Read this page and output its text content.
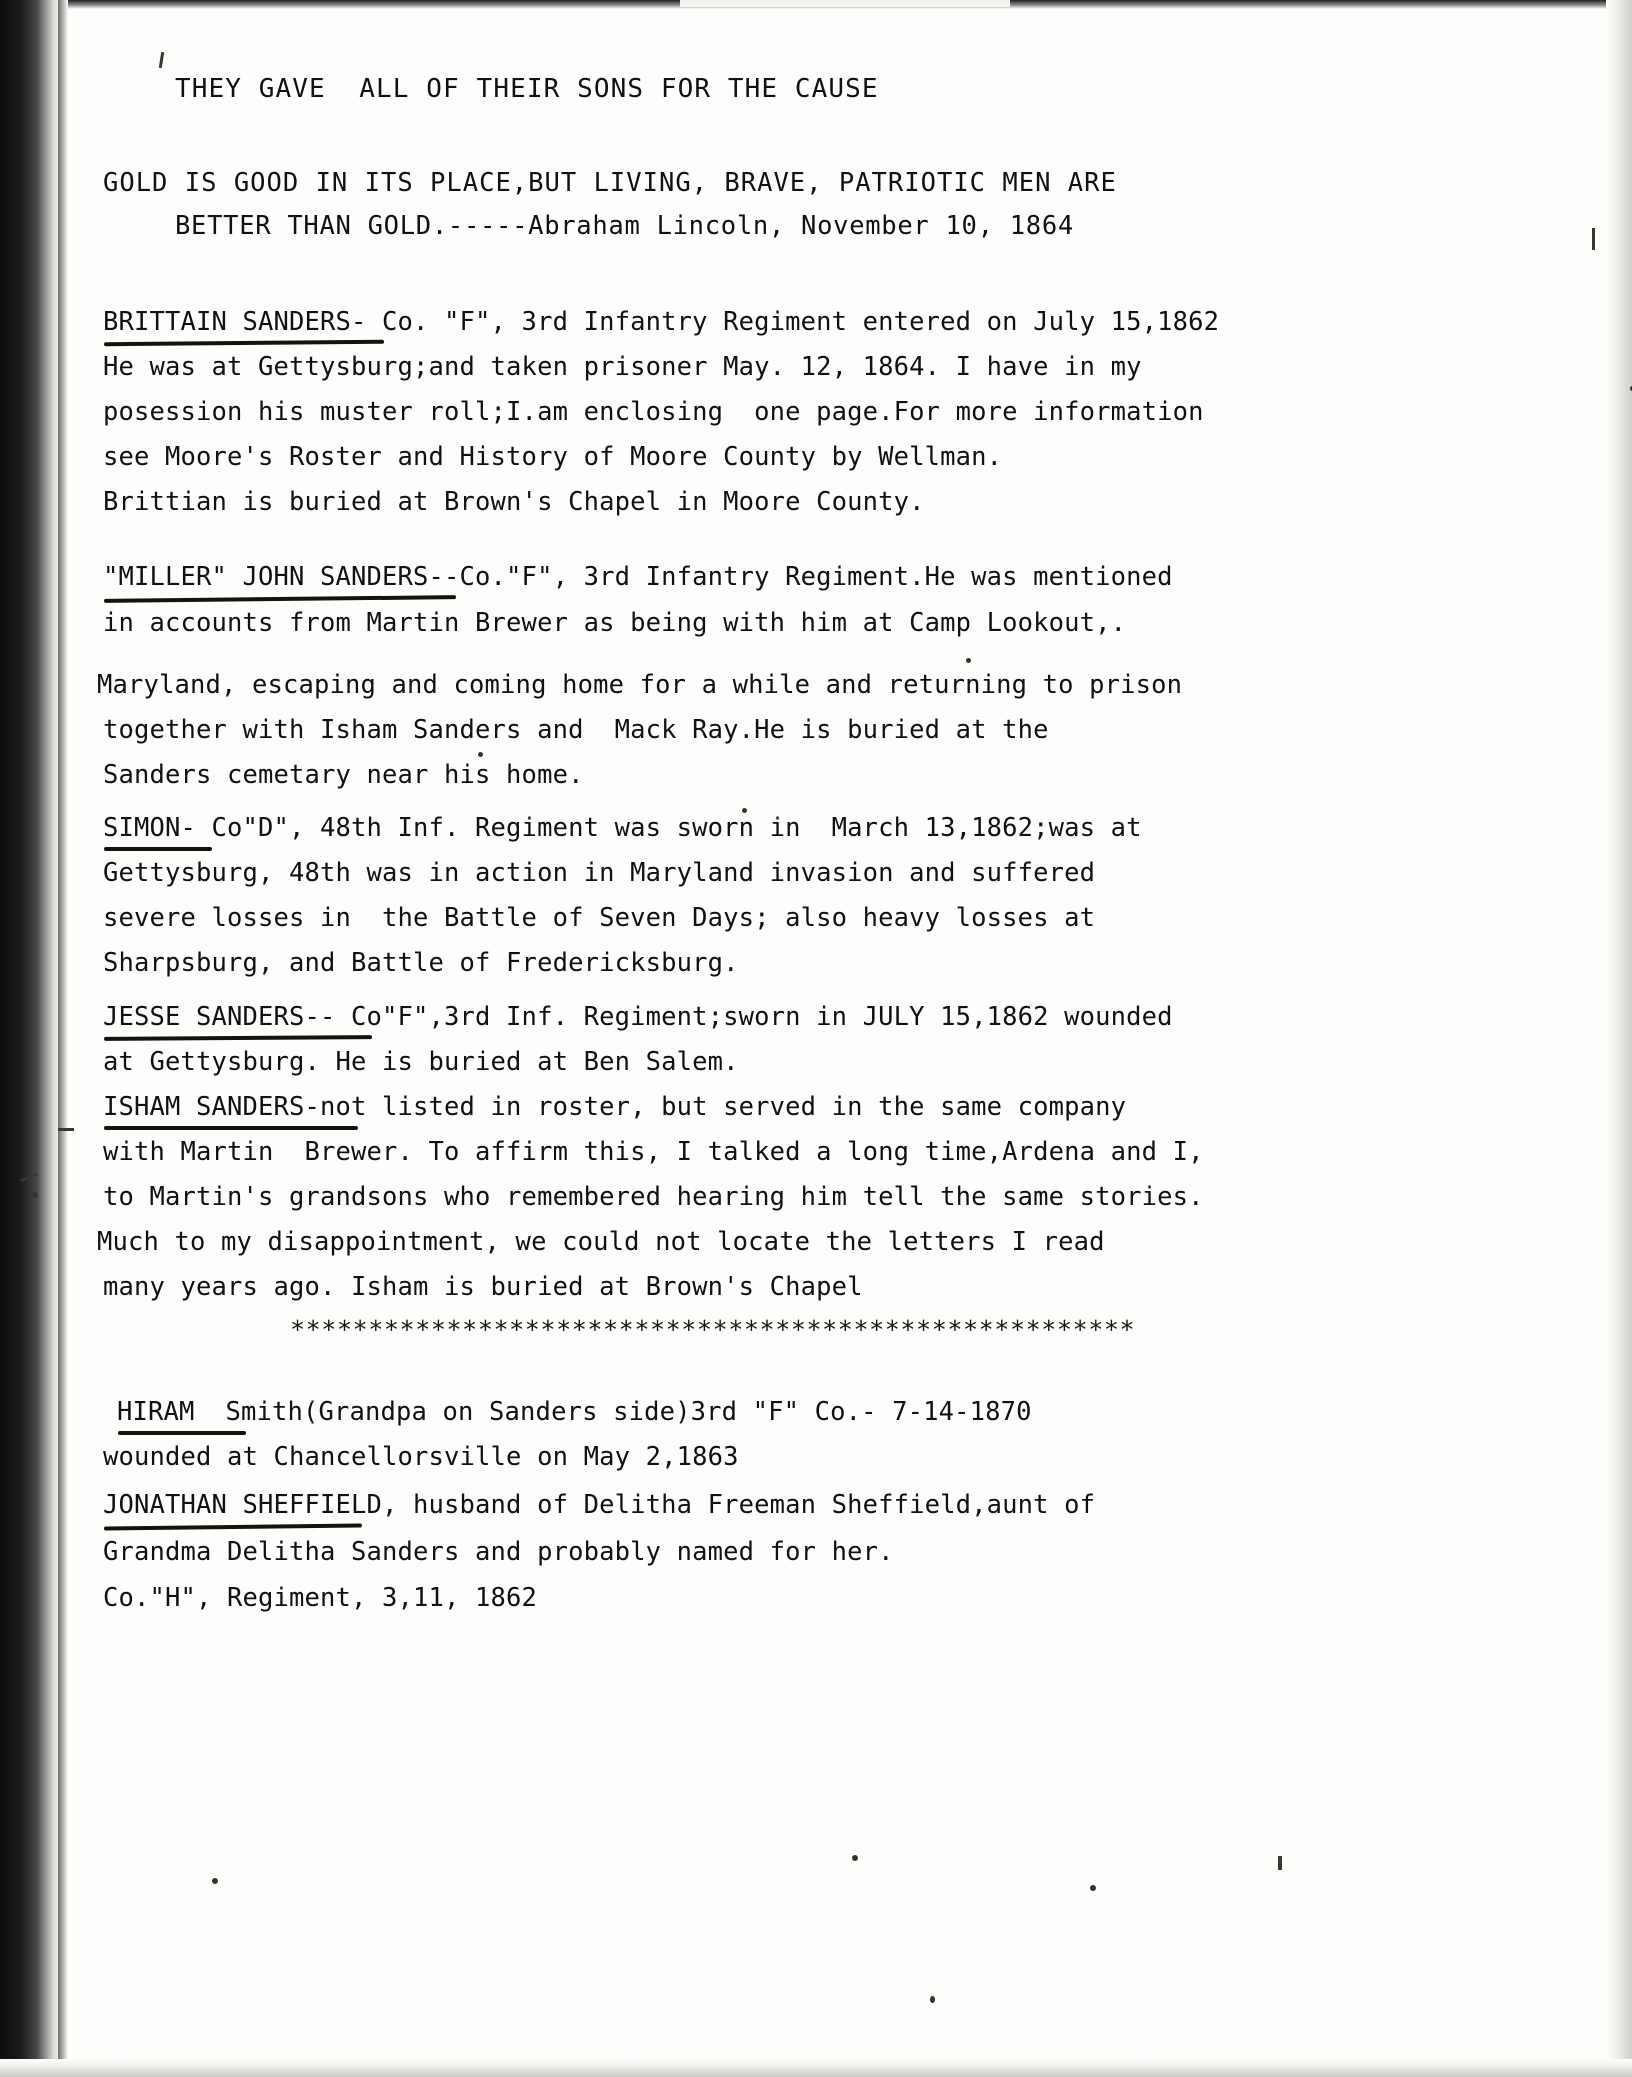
THEY GAVE  ALL OF THEIR SONS FOR THE CAUSE
GOLD IS GOOD IN ITS PLACE,BUT LIVING, BRAVE, PATRIOTIC MEN ARE
BETTER THAN GOLD.-----Abraham Lincoln, November 10, 1864
BRITTAIN SANDERS- Co. "F", 3rd Infantry Regiment entered on July 15,1862
He was at Gettysburg;and taken prisoner May. 12, 1864. I have in my
posession his muster roll;I.am enclosing  one page.For more information
see Moore's Roster and History of Moore County by Wellman.
Brittian is buried at Brown's Chapel in Moore County.
"MILLER" JOHN SANDERS--Co."F", 3rd Infantry Regiment.He was mentioned
in accounts from Martin Brewer as being with him at Camp Lookout,.
Maryland, escaping and coming home for a while and returning to prison
together with Isham Sanders and  Mack Ray.He is buried at the
Sanders cemetary near his home.
SIMON- Co"D", 48th Inf. Regiment was sworn in  March 13,1862;was at
Gettysburg, 48th was in action in Maryland invasion and suffered
severe losses in  the Battle of Seven Days; also heavy losses at
Sharpsburg, and Battle of Fredericksburg.
JESSE SANDERS-- Co"F",3rd Inf. Regiment;sworn in JULY 15,1862 wounded
at Gettysburg. He is buried at Ben Salem.
ISHAM SANDERS-not listed in roster, but served in the same company
with Martin  Brewer. To affirm this, I talked a long time,Ardena and I,
to Martin's grandsons who remembered hearing him tell the same stories.
Much to my disappointment, we could not locate the letters I read
many years ago. Isham is buried at Brown's Chapel
******************************************************
HIRAM  Smith(Grandpa on Sanders side)3rd "F" Co.- 7-14-1870
wounded at Chancellorsville on May 2,1863
JONATHAN SHEFFIELD, husband of Delitha Freeman Sheffield,aunt of
Grandma Delitha Sanders and probably named for her.
Co."H", Regiment, 3,11, 1862
